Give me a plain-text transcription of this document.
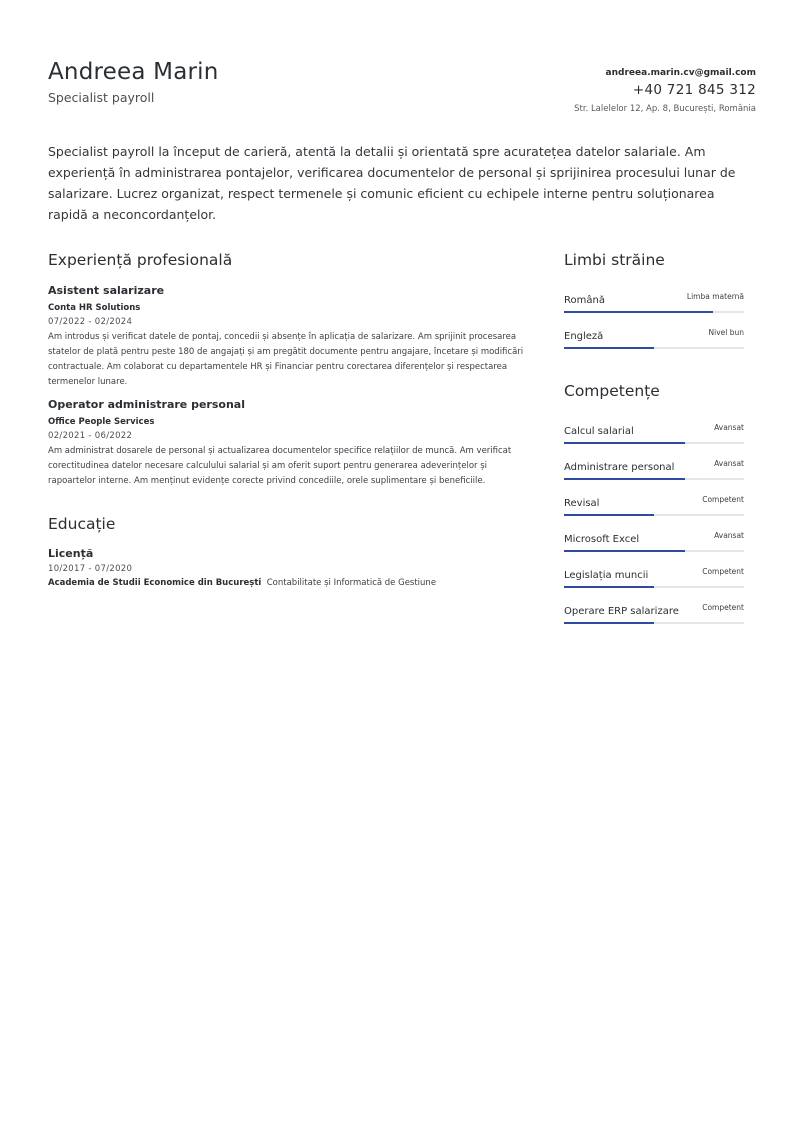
Andreea Marin
Specialist payroll
andreea.marin.cv@gmail.com
+40 721 845 312
Str. Lalelelor 12, Ap. 8, București, România

Specialist payroll la început de carieră, atentă la detalii și orientată spre acuratețea datelor salariale. Am experiență în administrarea pontajelor, verificarea documentelor de personal și sprijinirea procesului lunar de salarizare. Lucrez organizat, respect termenele și comunic eficient cu echipele interne pentru soluționarea rapidă a neconcordanțelor.

Experiență profesională
Asistent salarizare
Conta HR Solutions
07/2022 - 02/2024

Am introdus și verificat datele de pontaj, concedii și absențe în aplicația de salarizare. Am sprijinit procesarea statelor de plată pentru peste 180 de angajați și am pregătit documente pentru angajare, încetare și modificări contractuale. Am colaborat cu departamentele HR și Financiar pentru corectarea diferențelor și respectarea termenelor lunare.

Operator administrare personal
Office People Services
02/2021 - 06/2022

Am administrat dosarele de personal și actualizarea documentelor specifice relațiilor de muncă. Am verificat corectitudinea datelor necesare calculului salarial și am oferit suport pentru generarea adeverințelor și rapoartelor interne. Am menținut evidențe corecte privind concediile, orele suplimentare și beneficiile.

Educație
Licență
10/2017 - 07/2020
Academia de Studii Economice din București Contabilitate și Informatică de Gestiune
Limbi străine
Română	Limba maternă
Engleză	Nivel bun
Competențe
Calcul salarial	Avansat
Administrare personal	Avansat
Revisal	Competent
Microsoft Excel	Avansat
Legislația muncii	Competent
Operare ERP salarizare	Competent
